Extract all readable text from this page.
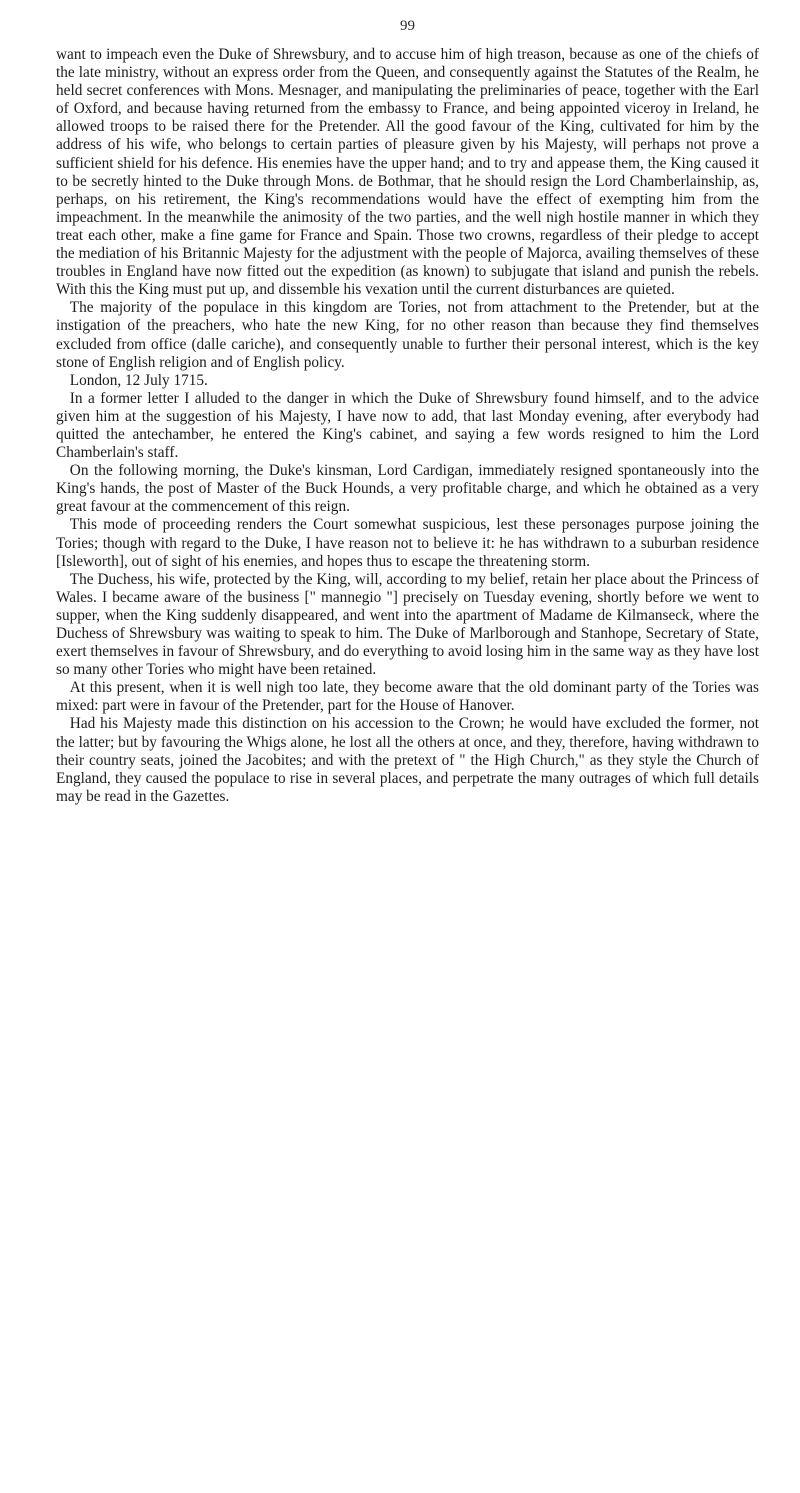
99

want to impeach even the Duke of Shrewsbury, and to accuse him of high treason, because as one of the chiefs of the late ministry, without an express order from the Queen, and consequently against the Statutes of the Realm, he held secret conferences with Mons. Mesnager, and manipulating the preliminaries of peace, together with the Earl of Oxford, and because having returned from the embassy to France, and being appointed viceroy in Ireland, he allowed troops to be raised there for the Pretender. All the good favour of the King, cultivated for him by the address of his wife, who belongs to certain parties of pleasure given by his Majesty, will perhaps not prove a sufficient shield for his defence. His enemies have the upper hand; and to try and appease them, the King caused it to be secretly hinted to the Duke through Mons. de Bothmar, that he should resign the Lord Chamberlainship, as, perhaps, on his retirement, the King's recommendations would have the effect of exempting him from the impeachment. In the meanwhile the animosity of the two parties, and the well nigh hostile manner in which they treat each other, make a fine game for France and Spain. Those two crowns, regardless of their pledge to accept the mediation of his Britannic Majesty for the adjustment with the people of Majorca, availing themselves of these troubles in England have now fitted out the expedition (as known) to subjugate that island and punish the rebels. With this the King must put up, and dissemble his vexation until the current disturbances are quieted.

The majority of the populace in this kingdom are Tories, not from attachment to the Pretender, but at the instigation of the preachers, who hate the new King, for no other reason than because they find themselves excluded from office (dalle cariche), and consequently unable to further their personal interest, which is the key stone of English religion and of English policy.

London, 12 July 1715.

In a former letter I alluded to the danger in which the Duke of Shrewsbury found himself, and to the advice given him at the suggestion of his Majesty, I have now to add, that last Monday evening, after everybody had quitted the antechamber, he entered the King's cabinet, and saying a few words resigned to him the Lord Chamberlain's staff.

On the following morning, the Duke's kinsman, Lord Cardigan, immediately resigned spontaneously into the King's hands, the post of Master of the Buck Hounds, a very profitable charge, and which he obtained as a very great favour at the commencement of this reign.

This mode of proceeding renders the Court somewhat suspicious, lest these personages purpose joining the Tories; though with regard to the Duke, I have reason not to believe it: he has withdrawn to a suburban residence [Isleworth], out of sight of his enemies, and hopes thus to escape the threatening storm.

The Duchess, his wife, protected by the King, will, according to my belief, retain her place about the Princess of Wales. I became aware of the business [" mannegio "] precisely on Tuesday evening, shortly before we went to supper, when the King suddenly disappeared, and went into the apartment of Madame de Kilmanseck, where the Duchess of Shrewsbury was waiting to speak to him. The Duke of Marlborough and Stanhope, Secretary of State, exert themselves in favour of Shrewsbury, and do everything to avoid losing him in the same way as they have lost so many other Tories who might have been retained.

At this present, when it is well nigh too late, they become aware that the old dominant party of the Tories was mixed: part were in favour of the Pretender, part for the House of Hanover.

Had his Majesty made this distinction on his accession to the Crown; he would have excluded the former, not the latter; but by favouring the Whigs alone, he lost all the others at once, and they, therefore, having withdrawn to their country seats, joined the Jacobites; and with the pretext of " the High Church," as they style the Church of England, they caused the populace to rise in several places, and perpetrate the many outrages of which full details may be read in the Gazettes.
